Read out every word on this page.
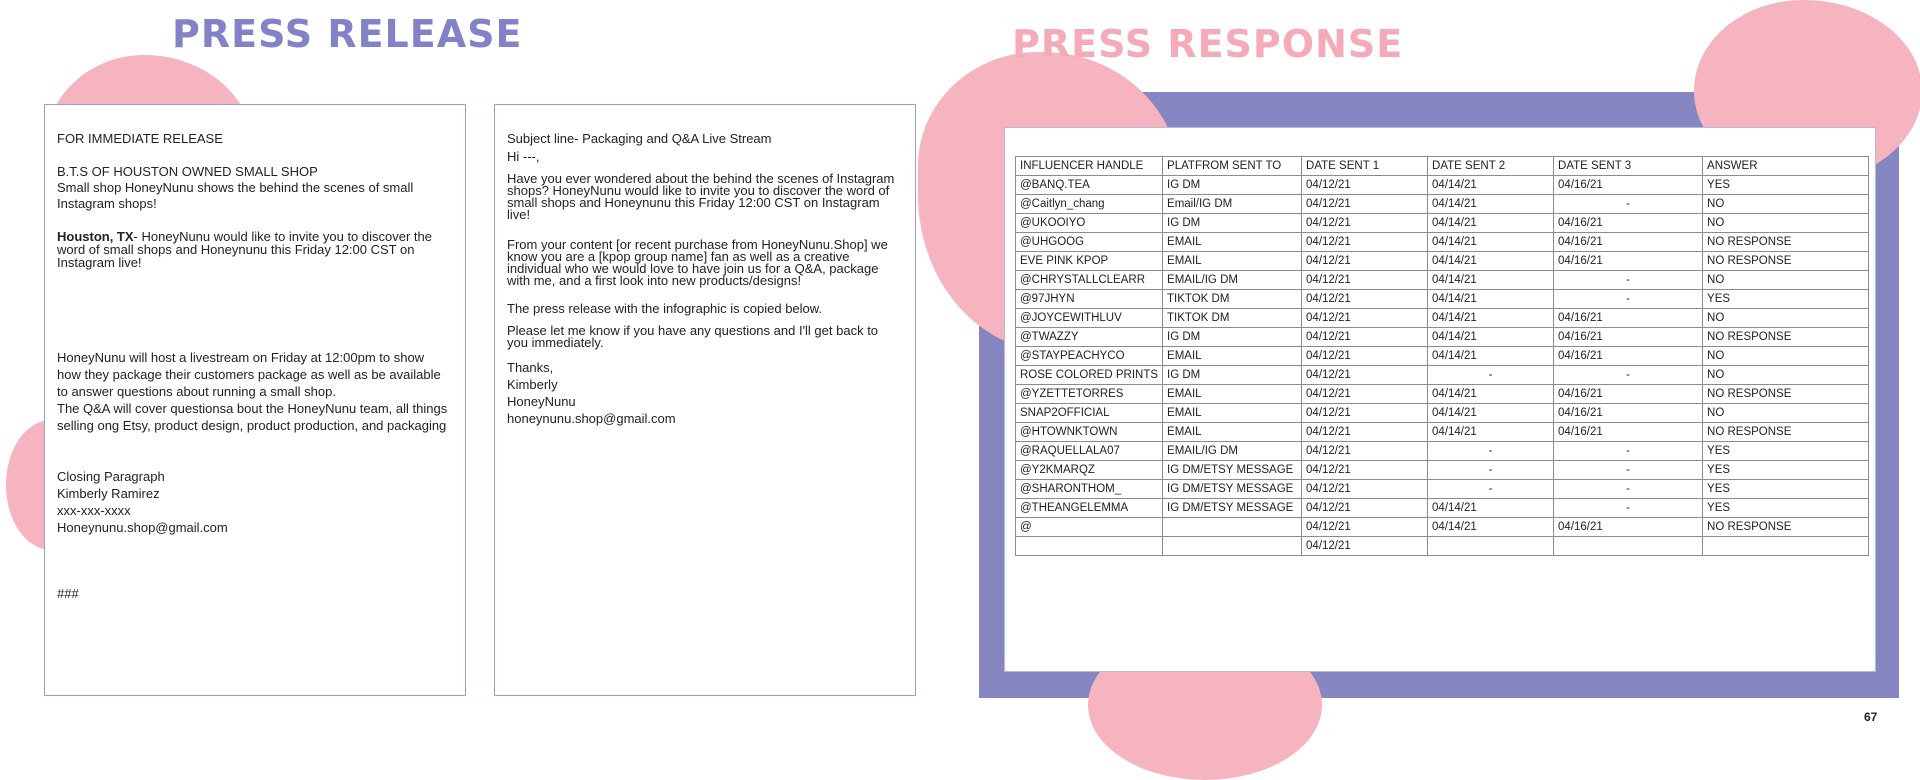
PRESS RELEASE	PRESS RESPONSE

FOR IMMEDIATE RELEASE

B.T.S OF HOUSTON OWNED SMALL SHOP

Small shop HoneyNunu shows the behind the scenes of small Instagram shops!

Houston, TX- HoneyNunu would like to invite you to discover the word of small shops and Honeynunu this Friday 12:00 CST on Instagram live!

HoneyNunu will host a livestream on Friday at 12:00pm to show how they package their customers package as well as be available to answer questions about running a small shop.

The Q&A will cover questionsa bout the HoneyNunu team, all things selling ong Etsy, product design, product production, and packaging

Closing Paragraph

Kimberly Ramirez

xxx-xxx-xxxx

Honeynunu.shop@gmail.com

###

Subject line- Packaging and Q&A Live Stream

Hi ---,

Have you ever wondered about the behind the scenes of Instagram shops? HoneyNunu would like to invite you to discover the word of small shops and Honeynunu this Friday 12:00 CST on Instagram live!

From your content [or recent purchase from HoneyNunu.Shop] we know you are a [kpop group name] fan as well as a creative individual who we would love to have join us for a Q&A, package with me, and a first look into new products/designs!

The press release with the infographic is copied below.

Please let me know if you have any questions and I'll get back to you immediately.

Thanks,

Kimberly

HoneyNunu

honeynunu.shop@gmail.com

INFLUENCER HANDLE	PLATFROM SENT TO	DATE SENT 1	DATE SENT 2	DATE SENT 3	ANSWER
@BANQ.TEA	IG DM	04/12/21	04/14/21	04/16/21	YES
@Caitlyn_chang	Email/IG DM	04/12/21	04/14/21	-	NO
@UKOOIYO	IG DM	04/12/21	04/14/21	04/16/21	NO
@UHGOOG	EMAIL	04/12/21	04/14/21	04/16/21	NO RESPONSE
EVE PINK KPOP	EMAIL	04/12/21	04/14/21	04/16/21	NO RESPONSE
@CHRYSTALLCLEARR	EMAIL/IG DM	04/12/21	04/14/21	-	NO
@97JHYN	TIKTOK DM	04/12/21	04/14/21	-	YES
@JOYCEWITHLUV	TIKTOK DM	04/12/21	04/14/21	04/16/21	NO
@TWAZZY	IG DM	04/12/21	04/14/21	04/16/21	NO RESPONSE
@STAYPEACHYCO	EMAIL	04/12/21	04/14/21	04/16/21	NO
ROSE COLORED PRINTS	IG DM	04/12/21	-	-	NO
@YZETTETORRES	EMAIL	04/12/21	04/14/21	04/16/21	NO RESPONSE
SNAP2OFFICIAL	EMAIL	04/12/21	04/14/21	04/16/21	NO
@HTOWNKTOWN	EMAIL	04/12/21	04/14/21	04/16/21	NO RESPONSE
@RAQUELLALA07	EMAIL/IG DM	04/12/21	-	-	YES
@Y2KMARQZ	IG DM/ETSY MESSAGE	04/12/21	-	-	YES
@SHARONTHOM_	IG DM/ETSY MESSAGE	04/12/21	-	-	YES
@THEANGELEMMA	IG DM/ETSY MESSAGE	04/12/21	04/14/21	-	YES
@		04/12/21	04/14/21	04/16/21	NO RESPONSE
		04/12/21			
67
